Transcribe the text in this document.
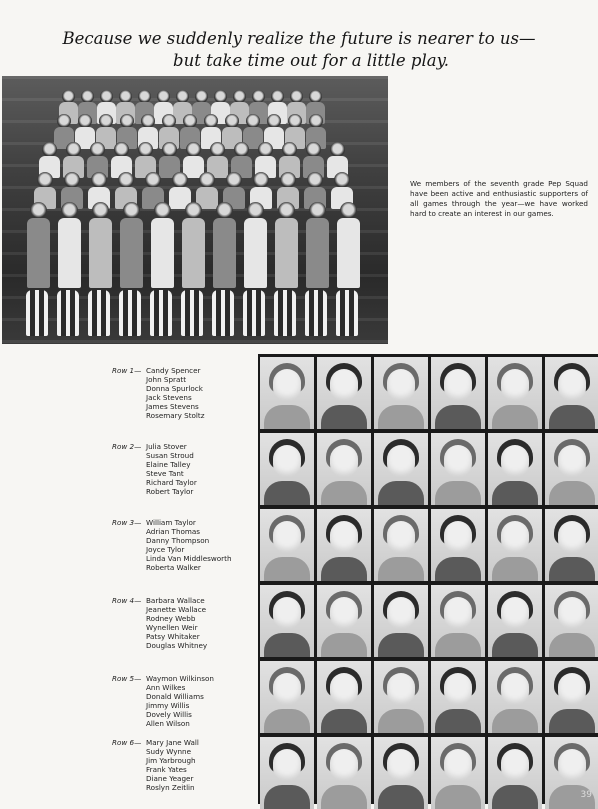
Because we suddenly realize the future is nearer to us—
but take time out for a little play.
We members of the seventh grade Pep Squad have been active and enthusiastic supporters of all games through the year—we have worked hard to create an interest in our games.
Row 1— Candy Spencer
John Spratt
Donna Spurlock
Jack Stevens
James Stevens
Rosemary Stoltz
Row 2— Julia Stover
Susan Stroud
Elaine Talley
Steve Tant
Richard Taylor
Robert Taylor
Row 3— William Taylor
Adrian Thomas
Danny Thompson
Joyce Tylor
Linda Van Middlesworth
Roberta Walker
Row 4— Barbara Wallace
Jeanette Wallace
Rodney Webb
Wynellen Weir
Patsy Whitaker
Douglas Whitney
Row 5— Waymon Wilkinson
Ann Wilkes
Donald Williams
Jimmy Willis
Dovely Willis
Allen Wilson
Row 6— Mary Jane Wall
Sudy Wynne
Jim Yarbrough
Frank Yates
Diane Yeager
Roslyn Zeitlin
39
